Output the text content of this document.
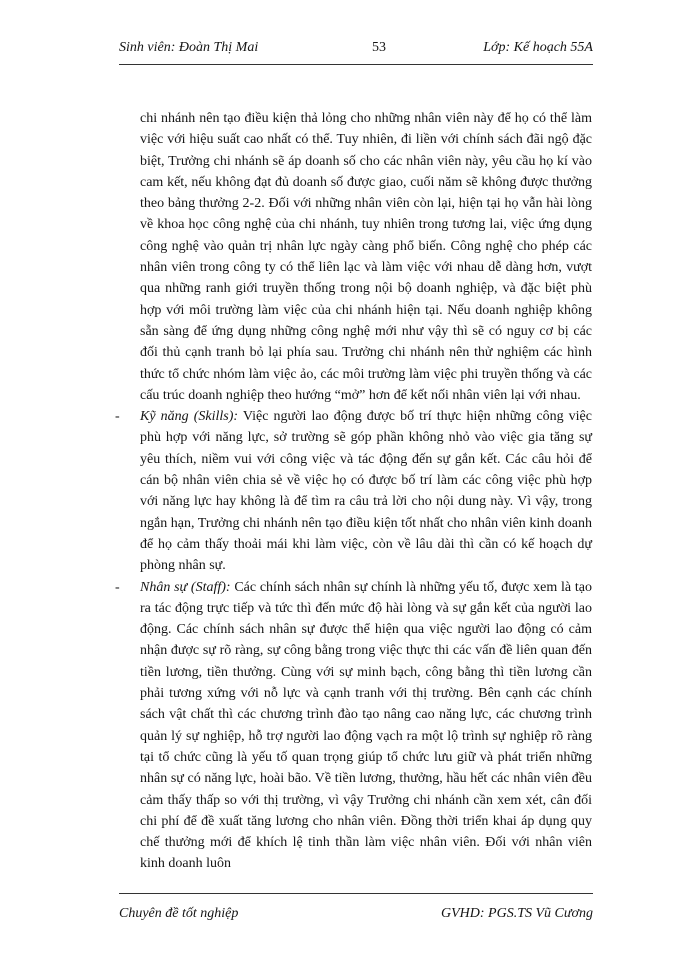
Sinh viên: Đoàn Thị Mai	53	Lớp: Kế hoạch 55A

chi nhánh nên tạo điều kiện thả lỏng cho những nhân viên này để họ có thể làm việc với hiệu suất cao nhất có thể. Tuy nhiên, đi liền với chính sách đãi ngộ đặc biệt, Trưởng chi nhánh sẽ áp doanh số cho các nhân viên này, yêu cầu họ kí vào cam kết, nếu không đạt đủ doanh số được giao, cuối năm sẽ không được thưởng theo bảng thưởng 2-2. Đối với những nhân viên còn lại, hiện tại họ vẫn hài lòng về khoa học công nghệ của chi nhánh, tuy nhiên trong tương lai, việc ứng dụng công nghệ vào quản trị nhân lực ngày càng phổ biến. Công nghệ cho phép các nhân viên trong công ty có thể liên lạc và làm việc với nhau dễ dàng hơn, vượt qua những ranh giới truyền thống trong nội bộ doanh nghiệp, và đặc biệt phù hợp với môi trường làm việc của chi nhánh hiện tại. Nếu doanh nghiệp không sẵn sàng để ứng dụng những công nghệ mới như vậy thì sẽ có nguy cơ bị các đối thủ cạnh tranh bỏ lại phía sau. Trưởng chi nhánh nên thử nghiệm các hình thức tổ chức nhóm làm việc ảo, các môi trường làm việc phi truyền thống và các cấu trúc doanh nghiệp theo hướng “mở” hơn để kết nối nhân viên lại với nhau.

- Kỹ năng (Skills): Việc người lao động được bố trí thực hiện những công việc phù hợp với năng lực, sở trường sẽ góp phần không nhỏ vào việc gia tăng sự yêu thích, niềm vui với công việc và tác động đến sự gắn kết. Các câu hỏi để cán bộ nhân viên chia sẻ về việc họ có được bố trí làm các công việc phù hợp với năng lực hay không là để tìm ra câu trả lời cho nội dung này. Vì vậy, trong ngắn hạn, Trưởng chi nhánh nên tạo điều kiện tốt nhất cho nhân viên kinh doanh để họ cảm thấy thoải mái khi làm việc, còn về lâu dài thì cần có kế hoạch dự phòng nhân sự.

- Nhân sự (Staff): Các chính sách nhân sự chính là những yếu tố, được xem là tạo ra tác động trực tiếp và tức thì đến mức độ hài lòng và sự gắn kết của người lao động. Các chính sách nhân sự được thể hiện qua việc người lao động có cảm nhận được sự rõ ràng, sự công bằng trong việc thực thi các vấn đề liên quan đến tiền lương, tiền thưởng. Cùng với sự minh bạch, công bằng thì tiền lương cần phải tương xứng với nỗ lực và cạnh tranh với thị trường. Bên cạnh các chính sách vật chất thì các chương trình đào tạo nâng cao năng lực, các chương trình quản lý sự nghiệp, hỗ trợ người lao động vạch ra một lộ trình sự nghiệp rõ ràng tại tổ chức cũng là yếu tố quan trọng giúp tổ chức lưu giữ và phát triển những nhân sự có năng lực, hoài bão. Về tiền lương, thưởng, hầu hết các nhân viên đều cảm thấy thấp so với thị trường, vì vậy Trưởng chi nhánh cần xem xét, cân đối chi phí để đề xuất tăng lương cho nhân viên. Đồng thời triển khai áp dụng quy chế thưởng mới để khích lệ tinh thần làm việc nhân viên. Đối với nhân viên kinh doanh luôn

Chuyên đề tốt nghiệp	GVHD: PGS.TS Vũ Cương
